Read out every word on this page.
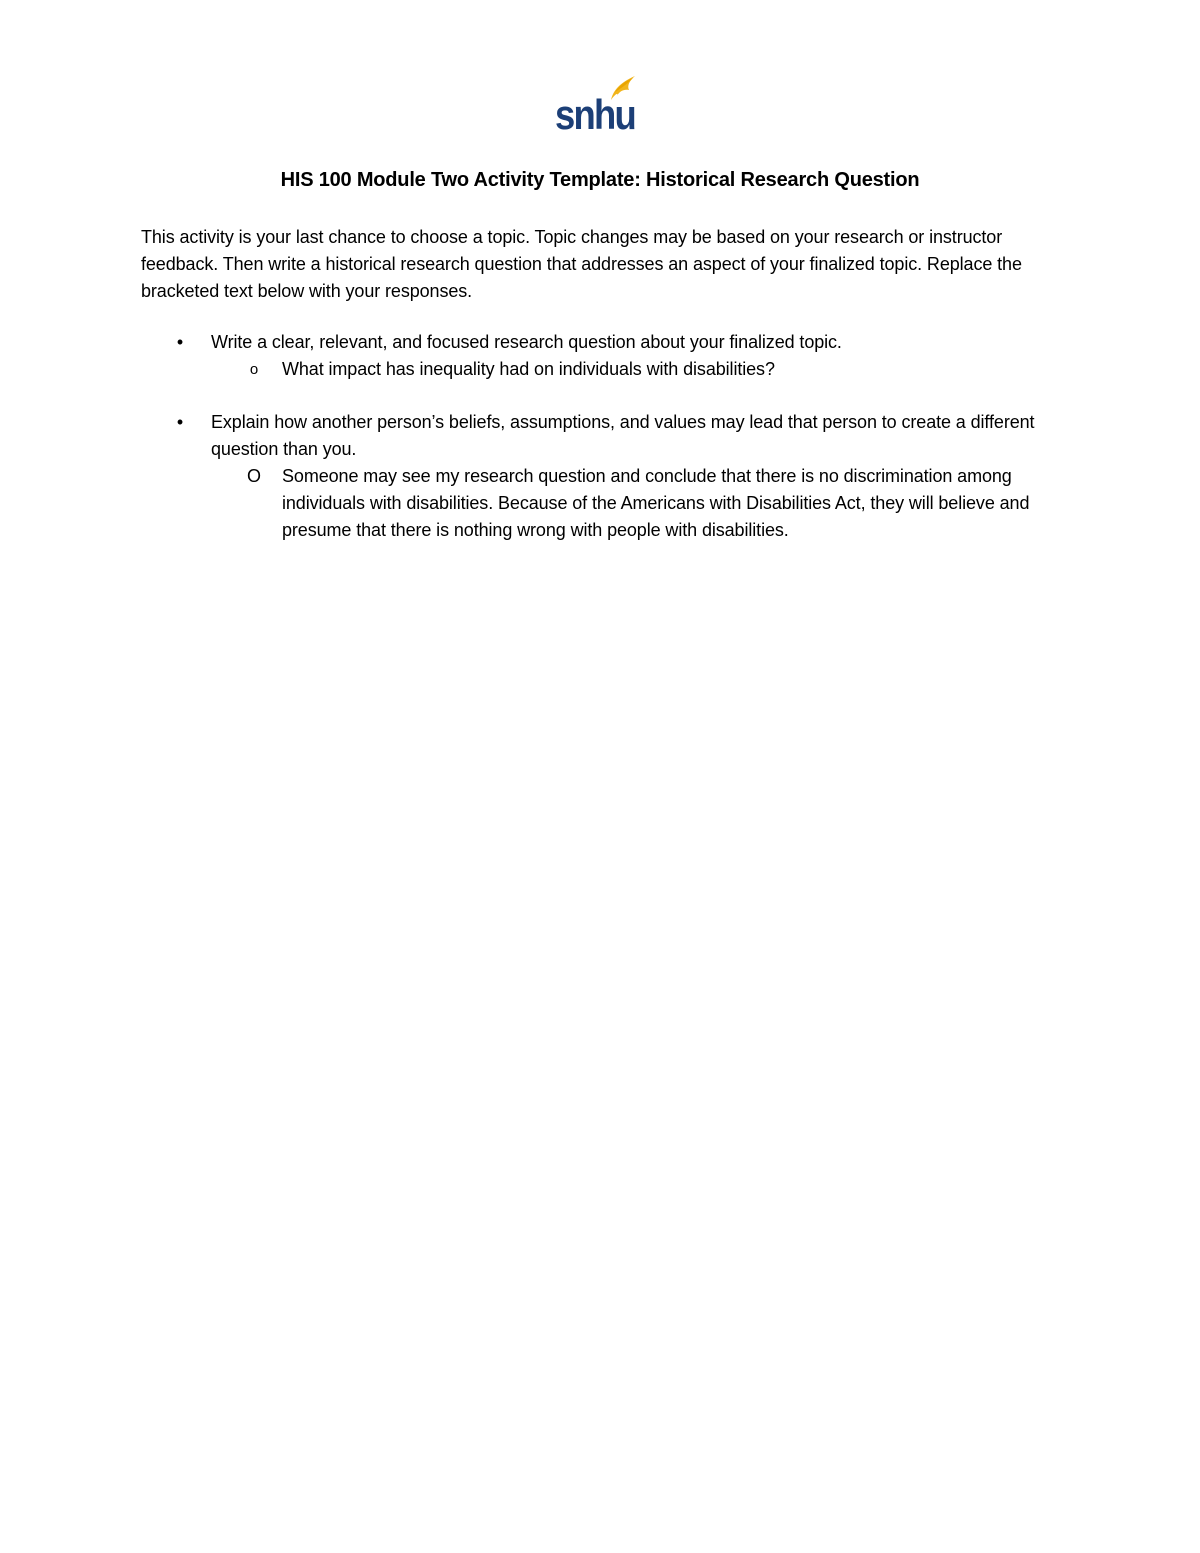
snhu
HIS 100 Module Two Activity Template: Historical Research Question
This activity is your last chance to choose a topic. Topic changes may be based on your research or instructor feedback. Then write a historical research question that addresses an aspect of your finalized topic. Replace the bracketed text below with your responses.
• Write a clear, relevant, and focused research question about your finalized topic.
o What impact has inequality had on individuals with disabilities?
• Explain how another person’s beliefs, assumptions, and values may lead that person to create a different question than you.
O Someone may see my research question and conclude that there is no discrimination among individuals with disabilities. Because of the Americans with Disabilities Act, they will believe and presume that there is nothing wrong with people with disabilities.
